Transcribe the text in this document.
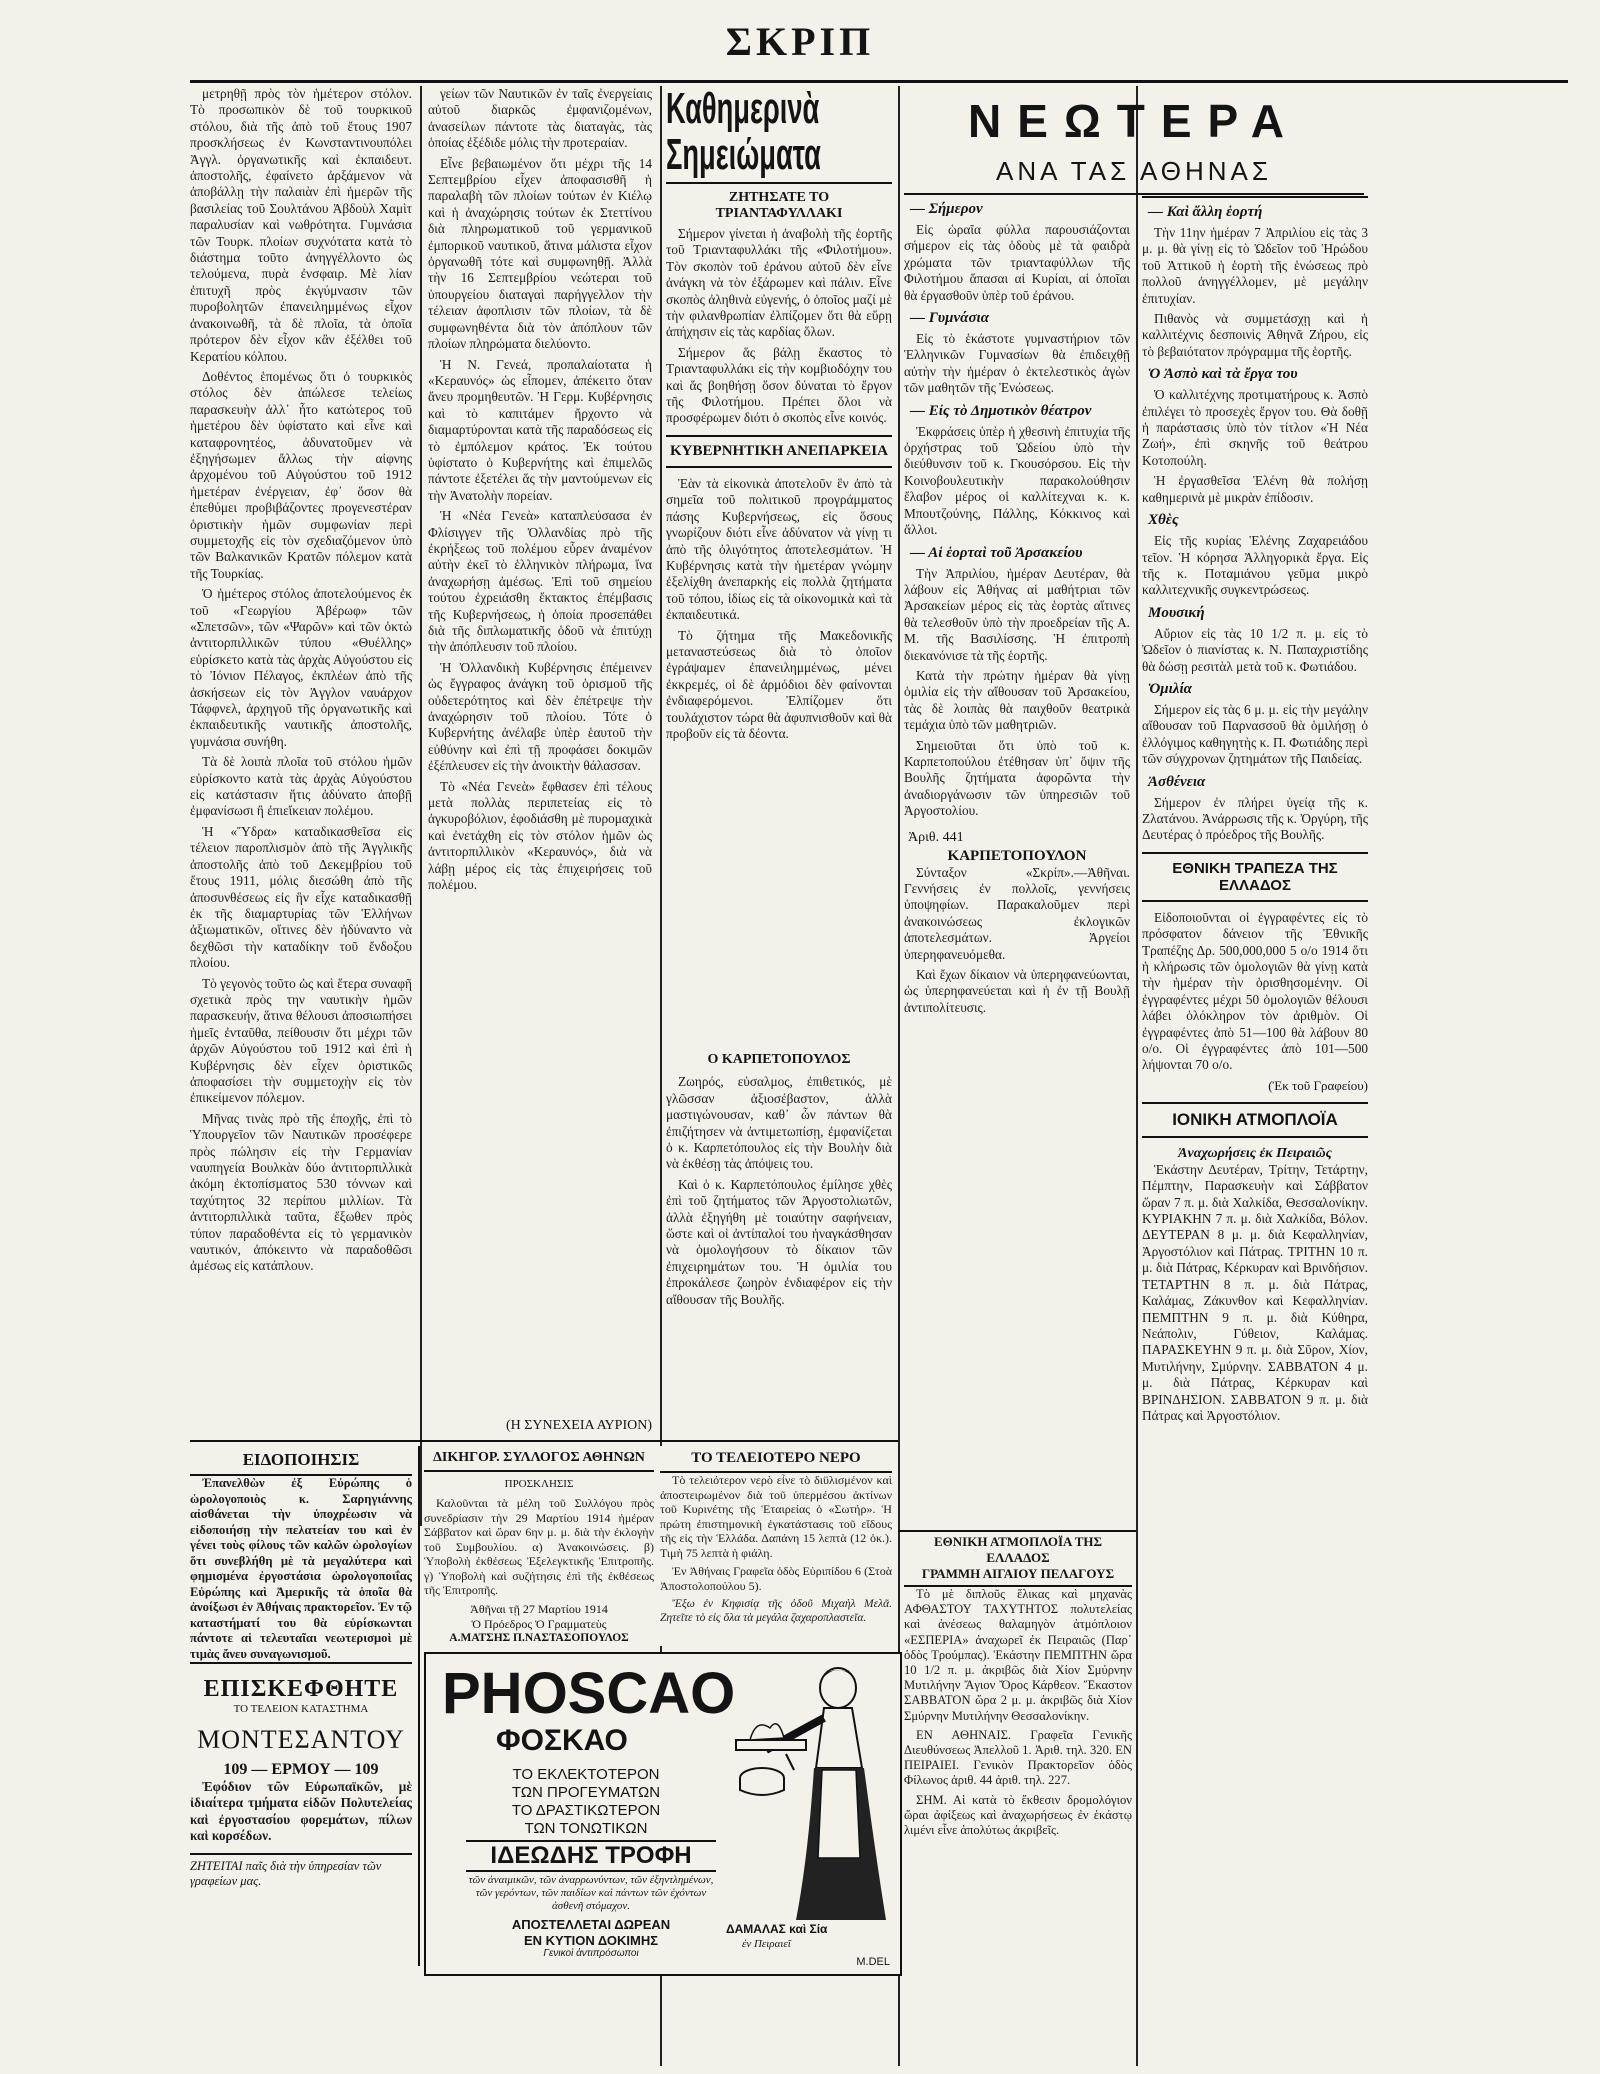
ΣΚΡΙΠ

μετρηθῇ πρὸς τὸν ἡμέτερον στόλον. Τὸ προσωπικὸν δὲ τοῦ τουρκικοῦ στόλου, διὰ τῆς ἀπὸ τοῦ ἔτους 1907 προσκλήσεως ἐν Κωνσταντινουπόλει Ἀγγλ. ὀργανωτικῆς καὶ ἐκπαιδευτ. ἀποστολῆς, ἐφαίνετο ἀρξάμενον νὰ ἀποβάλλῃ τὴν παλαιὰν ἐπὶ ἡμερῶν τῆς βασιλείας τοῦ Σουλτάνου Ἀβδοὺλ Χαμὶτ παραλυσίαν καὶ νωθρότητα. Γυμνάσια τῶν Τουρκ. πλοίων συχνότατα κατὰ τὸ διάστημα τοῦτο ἀνηγγέλλοντο ὡς τελούμενα, πυρὰ ἐνσφαιρ. Μὲ λίαν ἐπιτυχῆ πρὸς ἐκγύμνασιν τῶν πυροβολητῶν ἐπανειλημμένως εἶχον ἀνακοινωθῆ, τὰ δὲ πλοῖα, τὰ ὁποῖα πρότερον δὲν εἶχον κἂν ἐξέλθει τοῦ Κερατίου κόλπου.

Δοθέντος ἑπομένως ὅτι ὁ τουρκικὸς στόλος δὲν ἀπώλεσε τελείως παρασκευὴν ἀλλ᾿ ἦτο κατώτερος τοῦ ἡμετέρου δὲν ὑφίστατο καὶ εἶνε καὶ καταφρονητέος, ἀδυνατοῦμεν νὰ ἐξηγήσωμεν ἄλλως τὴν αἰφνης ἀρχομένου τοῦ Αὐγούστου τοῦ 1912 ἡμετέραν ἐνέργειαν, ἐφ᾿ ὅσον θὰ ἐπεθύμει προβιβάζοντες προγενεστέραν ὁριστικὴν ἡμῶν συμφωνίαν περὶ συμμετοχῆς εἰς τὸν σχεδιαζόμενον ὑπὸ τῶν Βαλκανικῶν Κρατῶν πόλεμον κατὰ τῆς Τουρκίας.

Ὁ ἡμέτερος στόλος ἀποτελούμενος ἐκ τοῦ «Γεωργίου Ἀβέρωφ» τῶν «Σπετσῶν», τῶν «Ψαρῶν» καὶ τῶν ὀκτὼ ἀντιτορπιλλικῶν τύπου «Θυέλλης» εὑρίσκετο κατὰ τὰς ἀρχὰς Αὐγούστου εἰς τὸ Ἰόνιον Πέλαγος, ἐκπλέων ἀπὸ τῆς ἀσκήσεων εἰς τὸν Ἀγγλον ναυάρχον Τάφφνελ, ἀρχηγοῦ τῆς ὀργανωτικῆς καὶ ἐκπαιδευτικῆς ναυτικῆς ἀποστολῆς, γυμνάσια συνήθη.

Τὰ δὲ λοιπὰ πλοῖα τοῦ στόλου ἡμῶν εὑρίσκοντο κατὰ τὰς ἀρχὰς Αὐγούστου εἰς κατάστασιν ἥτις ἀδύνατο ἀποβῇ ἐμφανίσωσι ἢ ἐπιεἴκειαν πολέμου.

Ἡ «Ὕδρα» καταδικασθεῖσα εἰς τέλειον παροπλισμὸν ἀπὸ τῆς Ἀγγλικῆς ἀποστολῆς ἀπὸ τοῦ Δεκεμβρίου τοῦ ἔτους 1911, μόλις διεσώθη ἀπὸ τῆς ἀποσυνθέσεως εἰς ἣν εἶχε καταδικασθῇ ἐκ τῆς διαμαρτυρίας τῶν Ἑλλήνων ἀξιωματικῶν, οἵτινες δὲν ἠδύναντο νὰ δεχθῶσι τὴν καταδίκην τοῦ ἔνδοξου πλοίου.

Τὸ γεγονὸς τοῦτο ὡς καὶ ἕτερα συναφῆ σχετικὰ πρὸς την ναυτικὴν ἡμῶν παρασκευήν, ἅτινα θέλουσι ἀποσιωπήσει ἡμεῖς ἐνταῦθα, πείθουσιν ὅτι μέχρι τῶν ἀρχῶν Αὐγούστου τοῦ 1912 καὶ ἐπὶ ἡ Κυβέρνησις δὲν εἶχεν ὁριστικῶς ἀποφασίσει τὴν συμμετοχὴν εἰς τὸν ἐπικείμενον πόλεμον.

Μῆνας τινὰς πρὸ τῆς ἐποχῆς, ἐπὶ τὸ Ὑπουργεῖον τῶν Ναυτικῶν προσέφερε πρὸς πώλησιν εἰς τὴν Γερμανίαν ναυπηγεία Βουλκὰν δύο ἀντιτορπιλλικὰ ἀκόμη ἐκτοπίσματος 530 τόννων καὶ ταχύτητος 32 περίπου μιλλίων. Τὰ ἀντιτορπιλλικὰ ταῦτα, ἔξωθεν πρὸς τύπον παραδοθέντα εἰς τὸ γερμανικὸν ναυτικόν, ἀπόκειντο νὰ παραδοθῶσι ἀμέσως εἰς κατάπλουν.

γείων τῶν Ναυτικῶν ἐν ταῖς ἐνεργείαις αὐτοῦ διαρκῶς ἐμφανιζομένων, ἀνασείλων πάντοτε τὰς διαταγὰς, τὰς ὁποίας ἐξέδιδε μόλις τὴν προτεραίαν.

Εἶνε βεβαιωμένον ὅτι μέχρι τῆς 14 Σεπτεμβρίου εἶχεν ἀποφασισθῆ ἡ παραλαβὴ τῶν πλοίων τούτων ἐν Κιέλῳ καὶ ἡ ἀναχώρησις τούτων ἐκ Στεττίνου διὰ πληρωματικοῦ τοῦ γερμανικοῦ ἐμπορικοῦ ναυτικοῦ, ἅτινα μάλιστα εἶχον ὀργανωθῆ τότε καὶ συμφωνηθῇ. Ἀλλὰ τὴν 16 Σεπτεμβρίου νεώτεραι τοῦ ὑπουργείου διαταγαὶ παρήγγελλον τὴν τέλειαν ἀφοπλισιν τῶν πλοίων, τὰ δὲ συμφωνηθέντα διὰ τὸν ἀπόπλουν τῶν πλοίων πληρώματα διελύοντο.

Ἡ Ν. Γενεά, προπαλαίοτατα ἡ «Κεραυνός» ὡς εἶπομεν, ἀπέκειτο ὅταν ἄνευ προμηθευτῶν. Ἡ Γερμ. Κυβέρνησις καὶ τὸ καπιτάμεν ἤρχοντο νὰ διαμαρτύρονται κατὰ τῆς παραδόσεως εἰς τὸ ἐμπόλεμον κράτος. Ἐκ τούτου ὑφίστατο ὁ Κυβερνήτης καὶ ἐπιμελῶς πάντοτε ἐξετέλει ἅς τὴν μαντούμενων εἰς τὴν Ἀνατολὴν πορείαν.

Ἡ «Νέα Γενεὰ» καταπλεύσασα ἐν Φλίσιγγεν τῆς Ὀλλανδίας πρὸ τῆς ἐκρήξεως τοῦ πολέμου εὗρεν ἀναμένον αὐτὴν ἐκεῖ τὸ ἑλληνικὸν πλήρωμα, ἵνα ἀναχωρήσῃ ἀμέσως. Ἐπὶ τοῦ σημείου τούτου ἐχρειάσθη ἔκτακτος ἐπέμβασις τῆς Κυβερνήσεως, ἡ ὁποία προσεπάθει διὰ τῆς διπλωματικῆς ὁδοῦ νὰ ἐπιτύχῃ τὴν ἀπόπλευσιν τοῦ πλοίου.

Ἡ Ὀλλανδικὴ Κυβέρνησις ἐπέμεινεν ὡς ἔγγραφος ἀνάγκη τοῦ ὁρισμοῦ τῆς οὐδετερότητος καὶ δὲν ἐπέτρεψε τὴν ἀναχώρησιν τοῦ πλοίου. Τότε ὁ Κυβερνήτης ἀνέλαβε ὑπὲρ ἑαυτοῦ τὴν εὐθύνην καὶ ἐπὶ τῇ προφάσει δοκιμῶν ἐξέπλευσεν εἰς τὴν ἀνοικτὴν θάλασσαν.

Τὸ «Νέα Γενεὰ» ἔφθασεν ἐπὶ τέλους μετὰ πολλὰς περιπετείας εἰς τὸ ἀγκυροβόλιον, ἐφοδιάσθη μὲ πυρομαχικὰ καὶ ἐνετάχθη εἰς τὸν στόλον ἡμῶν ὡς ἀντιτορπιλλικὸν «Κεραυνός», διὰ νὰ λάβῃ μέρος εἰς τὰς ἐπιχειρήσεις τοῦ πολέμου.

(Η ΣΥΝΕΧΕΙΑ ΑΥΡΙΟΝ)
Καθημερινὰ Σημειώματα
ΖΗΤΗΣΑΤΕ ΤΟ ΤΡΙΑΝΤΑΦΥΛΛΑΚΙ

Σήμερον γίνεται ἡ ἀναβολὴ τῆς ἑορτῆς τοῦ Τριανταφυλλάκι τῆς «Φιλοτήμου». Τὸν σκοπὸν τοῦ ἐράνου αὐτοῦ δὲν εἶνε ἀνάγκη νὰ τὸν ἐξάρωμεν καὶ πάλιν. Εἶνε σκοπὸς ἀληθινὰ εὐγενής, ὁ ὁποῖος μαζί μὲ τὴν φιλανθρωπίαν ἐλπίζομεν ὅτι θὰ εὕρῃ ἀπήχησιν εἰς τὰς καρδίας ὅλων.

Σήμερον ἅς βάλῃ ἕκαστος τὸ Τριανταφυλλάκι εἰς τὴν κομβιοδόχην του καὶ ἅς βοηθήσῃ ὅσον δύναται τὸ ἔργον τῆς Φιλοτήμου. Πρέπει ὅλοι νὰ προσφέρωμεν διότι ὁ σκοπὸς εἶνε κοινός.

ΚΥΒΕΡΝΗΤΙΚΗ ΑΝΕΠΑΡΚΕΙΑ

Ἐὰν τὰ εἰκονικὰ ἀποτελοῦν ἓν ἀπὸ τὰ σημεῖα τοῦ πολιτικοῦ προγράμματος πάσης Κυβερνήσεως, εἰς ὅσους γνωρίζουν διότι εἶνε ἀδύνατον νὰ γίνῃ τι ἀπὸ τῆς ὀλιγότητος ἀποτελεσμάτων. Ἡ Κυβέρνησις κατὰ τὴν ἡμετέραν γνώμην ἐξελίχθη ἀνεπαρκής εἰς πολλὰ ζητήματα τοῦ τόπου, ἰδίως εἰς τὰ οἰκονομικὰ καὶ τὰ ἐκπαιδευτικά.

Τὸ ζήτημα τῆς Μακεδονικῆς μεταναστεύσεως διὰ τὸ ὁποῖον ἐγράψαμεν ἐπανειλημμένως, μένει ἐκκρεμές, οἱ δὲ ἀρμόδιοι δὲν φαίνονται ἐνδιαφερόμενοι. Ἐλπίζομεν ὅτι τουλάχιστον τώρα θὰ ἀφυπνισθοῦν καὶ θὰ προβοῦν εἰς τὰ δέοντα.

Ο ΚΑΡΠΕΤΟΠΟΥΛΟΣ

Ζωηρός, εὐσαλμος, ἐπιθετικός, μὲ γλῶσσαν ἀξιοσέβαστον, ἀλλὰ μαστιγώνουσαν, καθ᾿ ὧν πάντων θὰ ἐπιζήτησεν νὰ ἀντιμετωπίσῃ, ἐμφανίζεται ὁ κ. Καρπετόπουλος εἰς τὴν Βουλὴν διὰ νὰ ἐκθέσῃ τὰς ἀπόψεις του.

Καὶ ὁ κ. Καρπετόπουλος ἐμίλησε χθὲς ἐπὶ τοῦ ζητήματος τῶν Ἀργοστολιωτῶν, ἀλλὰ ἐξηγήθη μὲ τοιαύτην σαφήνειαν, ὥστε καὶ οἱ ἀντίπαλοί του ἠναγκάσθησαν νὰ ὁμολογήσουν τὸ δίκαιον τῶν ἐπιχειρημάτων του. Ἡ ὁμιλία του ἐπροκάλεσε ζωηρὸν ἐνδιαφέρον εἰς τὴν αἴθουσαν τῆς Βουλῆς.

ΝΕΩΤΕΡΑ
ΑΝΑ ΤΑΣ ΑΘΗΝΑΣ
— Σήμερον

Εἰς ὡραῖα φύλλα παρουσιάζονται σήμερον εἰς τὰς ὁδοὺς μὲ τὰ φαιδρὰ χρώματα τῶν τριανταφύλλων τῆς Φιλοτήμου ἅπασαι αἱ Κυρίαι, αἱ ὁποῖαι θὰ ἐργασθοῦν ὑπὲρ τοῦ ἐράνου.

— Γυμνάσια

Εἰς τὸ ἑκάστοτε γυμναστήριον τῶν Ἑλληνικῶν Γυμνασίων θὰ ἐπιδειχθῇ αὐτὴν τὴν ἡμέραν ὁ ἐκτελεστικὸς ἀγὼν τῶν μαθητῶν τῆς Ἐνώσεως.

— Εἰς τὸ Δημοτικὸν θέατρον

Ἐκφράσεις ὑπὲρ ἡ χθεσινὴ ἐπιτυχία τῆς ὀρχήστρας τοῦ Ὠδείου ὑπὸ τὴν διεύθυνσιν τοῦ κ. Γκουσόρσου. Εἰς τὴν Κοινοβουλευτικὴν παρακολούθησιν ἔλαβον μέρος οἱ καλλίτεχναι κ. κ. Μπουτζούνης, Πάλλης, Κόκκινος καὶ ἄλλοι.

— Αἱ ἑορταὶ τοῦ Ἀρσακείου

Τὴν Ἀπριλίου, ἡμέραν Δευτέραν, θὰ λάβουν εἰς Ἀθήνας αἱ μαθήτριαι τῶν Ἀρσακείων μέρος εἰς τὰς ἑορτὰς αἵτινες θὰ τελεσθοῦν ὑπὸ τὴν προεδρείαν τῆς Α. Μ. τῆς Βασιλίσσης. Ἡ ἐπιτροπὴ διεκανόνισε τὰ τῆς ἑορτῆς.

Κατὰ τὴν πρώτην ἡμέραν θὰ γίνῃ ὁμιλία εἰς τὴν αἴθουσαν τοῦ Ἀρσακείου, τὰς δὲ λοιπὰς θὰ παιχθοῦν θεατρικὰ τεμάχια ὑπὸ τῶν μαθητριῶν.

Σημειοῦται ὅτι ὑπὸ τοῦ κ. Καρπετοπούλου ἐτέθησαν ὑπ᾿ ὄψιν τῆς Βουλῆς ζητήματα ἀφορῶντα τὴν ἀναδιοργάνωσιν τῶν ὑπηρεσιῶν τοῦ Ἀργοστολίου.

Ἀριθ. 441
ΚΑΡΠΕΤΟΠΟΥΛΟΝ

Σύνταξον «Σκρίπ».—Ἀθῆναι. Γεννήσεις ἐν πολλοῖς, γεννήσεις ὑποψηφίων. Παρακαλοῦμεν περὶ ἀνακοινώσεως ἐκλογικῶν ἀποτελεσμάτων. Ἀργείοι ὑπερηφανευόμεθα.

Καὶ ἔχων δίκαιον νὰ ὑπερηφανεύωνται, ὡς ὑπερηφανεύεται καὶ ἡ ἐν τῇ Βουλῇ ἀντιπολίτευσις.

— Καὶ ἄλλη ἑορτή

Τὴν 11ην ἡμέραν 7 Ἀπριλίου εἰς τὰς 3 μ. μ. θὰ γίνῃ εἰς τὸ Ὠδεῖον τοῦ Ἡρώδου τοῦ Ἀττικοῦ ἡ ἑορτὴ τῆς ἑνώσεως πρὸ πολλοῦ ἀνηγγέλλομεν, μὲ μεγάλην ἐπιτυχίαν.

Πιθανὸς νὰ συμμετάσχῃ καὶ ἡ καλλιτέχνις δεσποινὶς Ἀθηνᾶ Ζήρου, εἰς τὸ βεβαιότατον πρόγραμμα τῆς ἑορτῆς.

Ὁ Ἀσπὸ καὶ τὰ ἔργα του

Ὁ καλλιτέχνης προτιματήρους κ. Ἀσπὸ ἐπιλέγει τὸ προσεχὲς ἔργον του. Θὰ δοθῇ ἡ παράστασις ὑπὸ τὸν τίτλον «Ἡ Νέα Ζωή», ἐπὶ σκηνῆς τοῦ θεάτρου Κοτοπούλη.

Ἡ ἐργασθεῖσα Ἑλένη θὰ πολήσῃ καθημερινὰ μὲ μικρὰν ἐπίδοσιν.

Χθὲς

Εἰς τῆς κυρίας Ἑλένης Ζαχαρειάδου τεῖον. Ἡ κόρησα Ἀλληγορικὰ ἔργα. Εἰς τῆς κ. Ποταμιάνου γεῦμα μικρὸ καλλιτεχνικῆς συγκεντρώσεως.

Μουσική

Αὔριον εἰς τὰς 10 1/2 π. μ. εἰς τὸ Ὠδεῖον ὁ πιανίστας κ. Ν. Παπαχριστίδης θὰ δώσῃ ρεσιτὰλ μετὰ τοῦ κ. Φωτιάδου.

Ὁμιλία

Σήμερον εἰς τὰς 6 μ. μ. εἰς τὴν μεγάλην αἴθουσαν τοῦ Παρνασσοῦ θὰ ὁμιλήσῃ ὁ ἐλλόγιμος καθηγητὴς κ. Π. Φωτιάδης περὶ τῶν σύγχρονων ζητημάτων τῆς Παιδείας.

Ἀσθένεια

Σήμερον ἐν πλήρει ὑγείᾳ τῆς κ. Ζλατάνου. Ἀνάρρωσις τῆς κ. Ὀργύρη, τῆς Δευτέρας ὁ πρόεδρος τῆς Βουλῆς.

ΕΘΝΙΚΗ ΤΡΑΠΕΖΑ ΤΗΣ ΕΛΛΑΔΟΣ

Εἰδοποιοῦνται οἱ ἐγγραφέντες εἰς τὸ πρόσφατον δάνειον τῆς Ἐθνικῆς Τραπέζης Δρ. 500,000,000 5 ο/ο 1914 ὅτι ἡ κλήρωσις τῶν ὁμολογιῶν θὰ γίνῃ κατὰ τὴν ἡμέραν τὴν ὁρισθησομένην. Οἱ ἐγγραφέντες μέχρι 50 ὁμολογιῶν θέλουσι λάβει ὁλόκληρον τὸν ἀριθμὸν. Οἱ ἐγγραφέντες ἀπὸ 51—100 θὰ λάβουν 80 ο/ο. Οἱ ἐγγραφέντες ἀπὸ 101—500 λήψονται 70 ο/ο.

(Ἐκ τοῦ Γραφείου)
ΙΟΝΙΚΗ ΑΤΜΟΠΛΟΪΑ
Ἀναχωρήσεις ἐκ Πειραιῶς

Ἑκάστην Δευτέραν, Τρίτην, Τετάρτην, Πέμπτην, Παρασκευὴν καὶ Σάββατον ὥραν 7 π. μ. διὰ Χαλκίδα, Θεσσαλονίκην. ΚΥΡΙΑΚΗΝ 7 π. μ. διὰ Χαλκίδα, Βόλον. ΔΕΥΤΕΡΑΝ 8 μ. μ. διὰ Κεφαλληνίαν, Ἀργοστόλιον καὶ Πάτρας. ΤΡΙΤΗΝ 10 π. μ. διὰ Πάτρας, Κέρκυραν καὶ Βρινδήσιον. ΤΕΤΑΡΤΗΝ 8 π. μ. διὰ Πάτρας, Καλάμας, Ζάκυνθον καὶ Κεφαλληνίαν. ΠΕΜΠΤΗΝ 9 π. μ. διὰ Κύθηρα, Νεάπολιν, Γύθειον, Καλάμας. ΠΑΡΑΣΚΕΥΗΝ 9 π. μ. διὰ Σῦρον, Χίον, Μυτιλήνην, Σμύρνην. ΣΑΒΒΑΤΟΝ 4 μ. μ. διὰ Πάτρας, Κέρκυραν καὶ ΒΡΙΝΔΗΣΙΟΝ. ΣΑΒΒΑΤΟΝ 9 π. μ. διὰ Πάτρας καὶ Ἀργοστόλιον.

ΕΙΔΟΠΟΙΗΣΙΣ

Ἐπανελθὼν ἐξ Εὐρώπης ὁ ὡρολογοποιὸς κ. Σαρηγιάννης αἰσθάνεται τὴν ὑποχρέωσιν νὰ εἰδοποιήσῃ τὴν πελατείαν του καὶ ἐν γένει τοὺς φίλους τῶν καλῶν ὡρολογίων ὅτι συνεβλήθη μὲ τὰ μεγαλύτερα καὶ φημισμένα ἐργοστάσια ὡρολογοποιΐας Εὐρώπης καὶ Ἀμερικῆς τὰ ὁποῖα θὰ ἀνοίξωσι ἐν Ἀθήναις πρακτορεῖον. Ἐν τῷ καταστήματί του θὰ εὑρίσκωνται πάντοτε αἱ τελευταῖαι νεωτερισμοὶ μὲ τιμὰς ἄνευ συναγωνισμοῦ.

ΕΠΙΣΚΕΦΘΗΤΕ
ΤΟ ΤΕΛΕΙΟΝ ΚΑΤΑΣΤΗΜΑ
ΜΟΝΤΕΣΑΝΤΟΥ
109 — ΕΡΜΟΥ — 109

Ἐφόδιον τῶν Εὐρωπαϊκῶν, μὲ ἰδιαίτερα τμήματα εἰδῶν Πολυτελείας καὶ ἐργοστασίου φορεμάτων, πίλων καὶ κορσέδων.

ΖΗΤΕΙΤΑΙ παῖς διὰ τὴν ὑπηρεσίαν τῶν γραφείων μας.
ΔΙΚΗΓΟΡ. ΣΥΛΛΟΓΟΣ ΑΘΗΝΩΝ
ΠΡΟΣΚΛΗΣΙΣ

Καλοῦνται τὰ μέλη τοῦ Συλλόγου πρὸς συνεδρίασιν τὴν 29 Μαρτίου 1914 ἡμέραν Σάββατον καὶ ὥραν 6ην μ. μ. διὰ τὴν ἐκλογὴν τοῦ Συμβουλίου. α) Ἀνακοινώσεις. β) Ὑποβολὴ ἐκθέσεως Ἐξελεγκτικῆς Ἐπιτροπῆς. γ) Ὑποβολὴ καὶ συζήτησις ἐπὶ τῆς ἐκθέσεως τῆς Ἐπιτροπῆς.

Ἀθῆναι τῇ 27 Μαρτίου 1914
Ὁ Πρόεδρος Ὁ Γραμματεὺς
Α.ΜΑΤΣΗΣ Π.ΝΑΣΤΑΣΟΠΟΥΛΟΣ
ΤΟ ΤΕΛΕΙΟΤΕΡΟ ΝΕΡΟ

Τὸ τελειότερον νερὸ εἶνε τὸ διϋλισμένον καὶ ἀποστειρωμένον διὰ τοῦ ὑπερμέσου ἀκτίνων τοῦ Κυρινέτης τῆς Ἑταιρείας ὁ «Σωτήρ». Ἡ πρώτη ἐπιστημονικὴ ἐγκατάστασις τοῦ εἴδους τῆς εἰς τὴν Ἑλλάδα. Δαπάνη 15 λεπτὰ (12 ὀκ.). Τιμὴ 75 λεπτὰ ἡ φιάλη.

Ἐν Ἀθήναις Γραφεῖα ὁδὸς Εὐριπίδου 6 (Στοὰ Ἀποστολοπούλου 5).

Ἔξω ἐν Κηφισίᾳ τῆς ὁδοῦ Μιχαὴλ Μελᾶ. Ζητεῖτε τὸ εἰς ὅλα τὰ μεγάλα ζαχαροπλαστεῖα.

PHOSCAO
ΦΟΣΚΑΟ
ΤΟ ΕΚΛΕΚΤΟΤΕΡΟΝ
ΤΩΝ ΠΡΟΓΕΥΜΑΤΩΝ
ΤΟ ΔΡΑΣΤΙΚΩΤΕΡΟΝ
ΤΩΝ ΤΟΝΩΤΙΚΩΝ
ΙΔΕΩΔΗΣ ΤΡΟΦΗ
τῶν ἀναιμικῶν, τῶν ἀναρρωνύντων, τῶν ἐξηντλημένων, τῶν γερόντων, τῶν παιδίων καὶ πάντων τῶν ἐχόντων ἀσθενῆ στόμαχον.
ΑΠΟΣΤΕΛΛΕΤΑΙ ΔΩΡΕΑΝ
ΕΝ ΚΥΤΙΟΝ ΔΟΚΙΜΗΣ
Γενικοὶ ἀντιπρόσωποι
ΔΑΜΑΛΑΣ καὶ Σία
ἐν Πειραιεῖ
M.DEL
ΕΘΝΙΚΗ ΑΤΜΟΠΛΟΪΑ ΤΗΣ ΕΛΛΑΔΟΣ
ΓΡΑΜΜΗ ΑΙΓΑΙΟΥ ΠΕΛΑΓΟΥΣ

Τὸ μὲ διπλοῦς ἕλικας καὶ μηχανὰς ΑΦΘΑΣΤΟΥ ΤΑΧΥΤΗΤΟΣ πολυτελείας καὶ ἀνέσεως θαλαμηγὸν ἀτμόπλοιον «ΕΣΠΕΡΙΑ» ἀναχωρεῖ ἐκ Πειραιῶς (Παρ᾿ ὁδὸς Τρούμπας). Ἑκάστην ΠΕΜΠΤΗΝ ὥρα 10 1/2 π. μ. ἀκριβῶς διὰ Χίον Σμύρνην Μυτιλήνην Ἄγιον Ὄρος Κάρθεον. Ἕκαστον ΣΑΒΒΑΤΟΝ ὥρα 2 μ. μ. ἀκριβῶς διὰ Χίον Σμύρνην Μυτιλήνην Θεσσαλονίκην.

ΕΝ ΑΘΗΝΑΙΣ. Γραφεῖα Γενικῆς Διευθύνσεως Ἀπελλοῦ 1. Ἀριθ. τηλ. 320. ΕΝ ΠΕΙΡΑΙΕΙ. Γενικὸν Πρακτορεῖον ὁδὸς Φίλωνος ἀριθ. 44 ἀριθ. τηλ. 227.

ΣΗΜ. Αἱ κατὰ τὸ ἔκθεσιν δρομολόγιον ὥραι ἀφίξεως καὶ ἀναχωρήσεως ἐν ἑκάστῳ λιμένι εἶνε ἀπολύτως ἀκριβεῖς.
